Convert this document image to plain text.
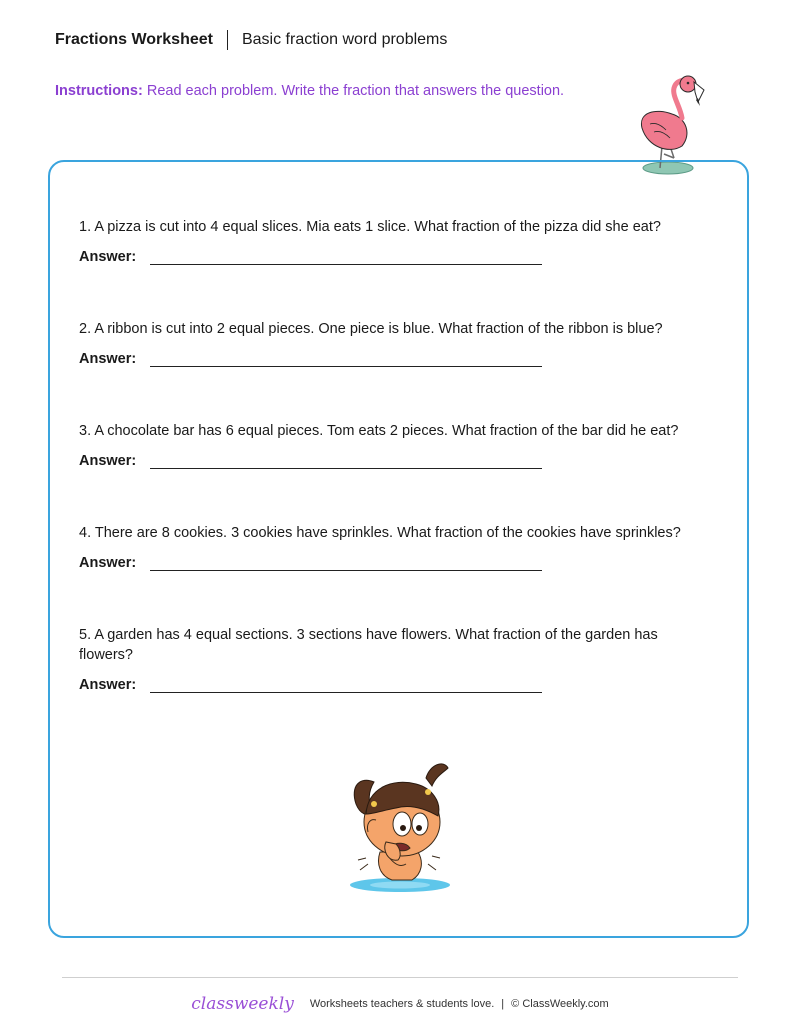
Fractions Worksheet Basic fraction word problems
Instructions: Read each problem. Write the fraction that answers the question.
1. A pizza is cut into 4 equal slices. Mia eats 1 slice. What fraction of the pizza did she eat?
Answer:
2. A ribbon is cut into 2 equal pieces. One piece is blue. What fraction of the ribbon is blue?
Answer:
3. A chocolate bar has 6 equal pieces. Tom eats 2 pieces. What fraction of the bar did he eat?
Answer:
4. There are 8 cookies. 3 cookies have sprinkles. What fraction of the cookies have sprinkles?
Answer:
5. A garden has 4 equal sections. 3 sections have flowers. What fraction of the garden has flowers?
Answer:
classweekly Worksheets teachers & students love. | © ClassWeekly.com
